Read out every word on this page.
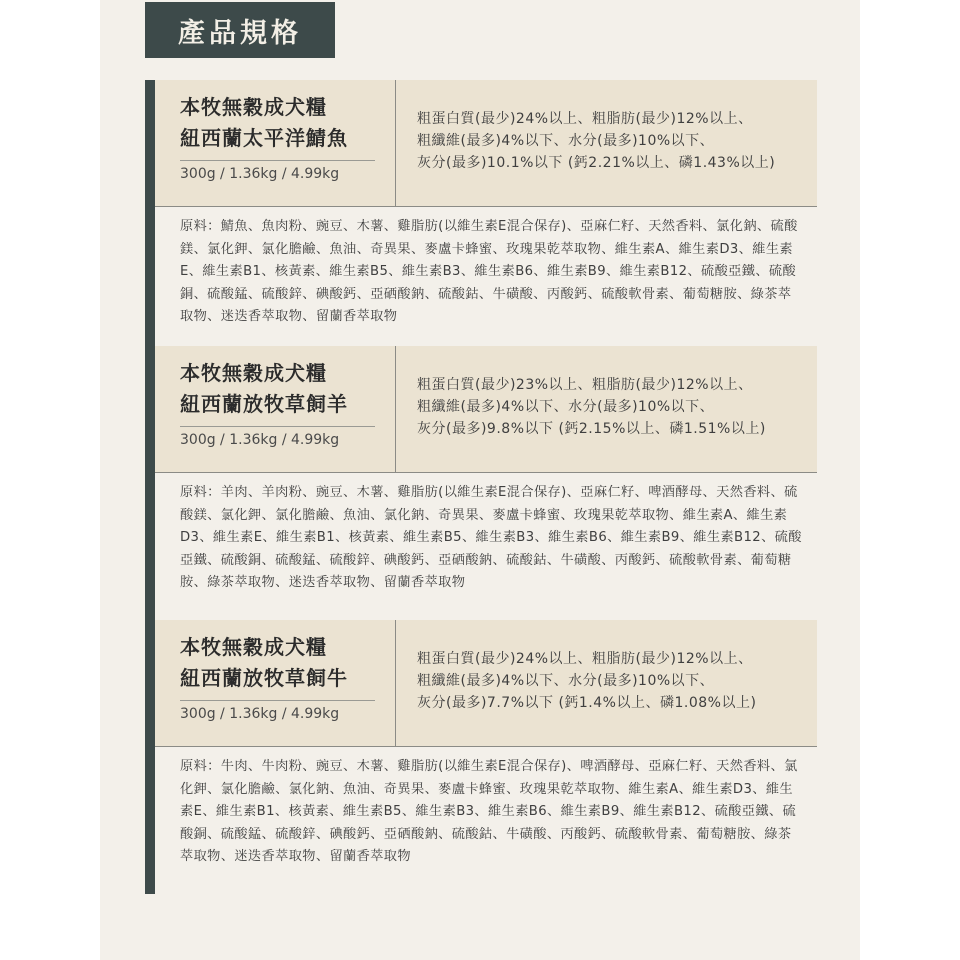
產品規格
本牧無穀成犬糧
紐西蘭太平洋鯖魚
300g / 1.36kg / 4.99kg
粗蛋白質(最少)24%以上、粗脂肪(最少)12%以上、
粗纖維(最多)4%以下、水分(最多)10%以下、
灰分(最多)10.1%以下 (鈣2.21%以上、磷1.43%以上)
原料：鯖魚、魚肉粉、豌豆、木薯、雞脂肪(以維生素E混合保存)、亞麻仁籽、天然香料、氯化鈉、硫酸鎂、氯化鉀、氯化膽鹼、魚油、奇異果、麥盧卡蜂蜜、玫瑰果乾萃取物、維生素A、維生素D3、維生素E、維生素B1、核黃素、維生素B5、維生素B3、維生素B6、維生素B9、維生素B12、硫酸亞鐵、硫酸銅、硫酸錳、硫酸鋅、碘酸鈣、亞硒酸鈉、硫酸鈷、牛磺酸、丙酸鈣、硫酸軟骨素、葡萄糖胺、綠茶萃取物、迷迭香萃取物、留蘭香萃取物
本牧無穀成犬糧
紐西蘭放牧草飼羊
300g / 1.36kg / 4.99kg
粗蛋白質(最少)23%以上、粗脂肪(最少)12%以上、
粗纖維(最多)4%以下、水分(最多)10%以下、
灰分(最多)9.8%以下 (鈣2.15%以上、磷1.51%以上)
原料：羊肉、羊肉粉、豌豆、木薯、雞脂肪(以維生素E混合保存)、亞麻仁籽、啤酒酵母、天然香料、硫酸鎂、氯化鉀、氯化膽鹼、魚油、氯化鈉、奇異果、麥盧卡蜂蜜、玫瑰果乾萃取物、維生素A、維生素D3、維生素E、維生素B1、核黃素、維生素B5、維生素B3、維生素B6、維生素B9、維生素B12、硫酸亞鐵、硫酸銅、硫酸錳、硫酸鋅、碘酸鈣、亞硒酸鈉、硫酸鈷、牛磺酸、丙酸鈣、硫酸軟骨素、葡萄糖胺、綠茶萃取物、迷迭香萃取物、留蘭香萃取物
本牧無穀成犬糧
紐西蘭放牧草飼牛
300g / 1.36kg / 4.99kg
粗蛋白質(最少)24%以上、粗脂肪(最少)12%以上、
粗纖維(最多)4%以下、水分(最多)10%以下、
灰分(最多)7.7%以下 (鈣1.4%以上、磷1.08%以上)
原料：牛肉、牛肉粉、豌豆、木薯、雞脂肪(以維生素E混合保存)、啤酒酵母、亞麻仁籽、天然香料、氯化鉀、氯化膽鹼、氯化鈉、魚油、奇異果、麥盧卡蜂蜜、玫瑰果乾萃取物、維生素A、維生素D3、維生素E、維生素B1、核黃素、維生素B5、維生素B3、維生素B6、維生素B9、維生素B12、硫酸亞鐵、硫酸銅、硫酸錳、硫酸鋅、碘酸鈣、亞硒酸鈉、硫酸鈷、牛磺酸、丙酸鈣、硫酸軟骨素、葡萄糖胺、綠茶萃取物、迷迭香萃取物、留蘭香萃取物
